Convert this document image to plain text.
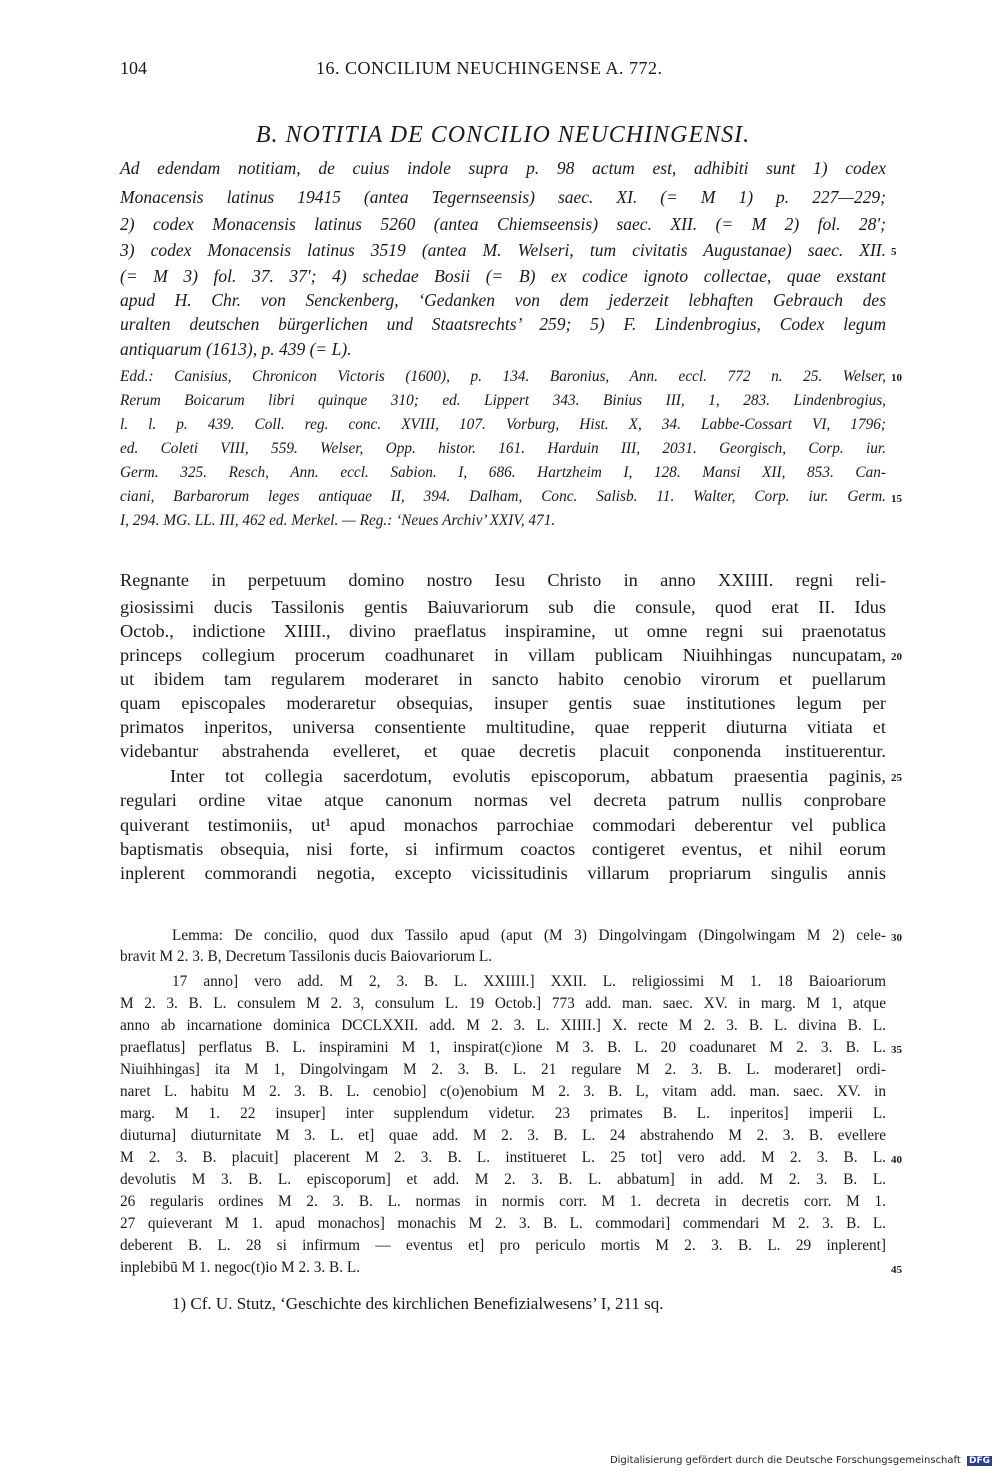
104	16. CONCILIUM NEUCHINGENSE A. 772.
B. NOTITIA DE CONCILIO NEUCHINGENSI.
Ad edendam notitiam, de cuius indole supra p. 98 actum est, adhibiti sunt 1) codex
Monacensis latinus 19415 (antea Tegernseensis) saec. XI. (= M 1) p. 227—229;
2) codex Monacensis latinus 5260 (antea Chiemseensis) saec. XII. (= M 2) fol. 28';
3) codex Monacensis latinus 3519 (antea M. Welseri, tum civitatis Augustanae) saec. XII.
(= M 3) fol. 37. 37'; 4) schedae Bosii (= B) ex codice ignoto collectae, quae exstant
apud H. Chr. von Senckenberg, ‘Gedanken von dem jederzeit lebhaften Gebrauch des
uralten deutschen bürgerlichen und Staatsrechts’ 259; 5) F. Lindenbrogius, Codex legum
antiquarum (1613), p. 439 (= L).
Edd.: Canisius, Chronicon Victoris (1600), p. 134. Baronius, Ann. eccl. 772 n. 25. Welser,
Rerum Boicarum libri quinque 310; ed. Lippert 343. Binius III, 1, 283. Lindenbrogius,
l. l. p. 439. Coll. reg. conc. XVIII, 107. Vorburg, Hist. X, 34. Labbe-Cossart VI, 1796;
ed. Coleti VIII, 559. Welser, Opp. histor. 161. Harduin III, 2031. Georgisch, Corp. iur.
Germ. 325. Resch, Ann. eccl. Sabion. I, 686. Hartzheim I, 128. Mansi XII, 853. Can-
ciani, Barbarorum leges antiquae II, 394. Dalham, Conc. Salisb. 11. Walter, Corp. iur. Germ.
I, 294. MG. LL. III, 462 ed. Merkel. — Reg.: ‘Neues Archiv’ XXIV, 471.
Regnante in perpetuum domino nostro Iesu Christo in anno XXIIII. regni reli-
giosissimi ducis Tassilonis gentis Baiuvariorum sub die consule, quod erat II. Idus
Octob., indictione XIIII., divino praeflatus inspiramine, ut omne regni sui praenotatus
princeps collegium procerum coadhunaret in villam publicam Niuihhingas nuncupatam,
ut ibidem tam regularem moderaret in sancto habito cenobio virorum et puellarum
quam episcopales moderaretur obsequias, insuper gentis suae institutiones legum per
primatos inperitos, universa consentiente multitudine, quae repperit diuturna vitiata et
videbantur abstrahenda evelleret, et quae decretis placuit conponenda instituerentur.
Inter tot collegia sacerdotum, evolutis episcoporum, abbatum praesentia paginis,
regulari ordine vitae atque canonum normas vel decreta patrum nullis conprobare
quiverant testimoniis, ut¹ apud monachos parrochiae commodari deberentur vel publica
baptismatis obsequia, nisi forte, si infirmum coactos contigeret eventus, et nihil eorum
inplerent commorandi negotia, excepto vicissitudinis villarum propriarum singulis annis
Lemma: De concilio, quod dux Tassilo apud (aput (M 3) Dingolvingam (Dingolwingam M 2) cele-
bravit M 2. 3. B, Decretum Tassilonis ducis Baiovariorum L.
17 anno] vero add. M 2, 3. B. L. XXIIII.] XXII. L. religiossimi M 1. 18 Baioariorum
M 2. 3. B. L. consulem M 2. 3, consulum L. 19 Octob.] 773 add. man. saec. XV. in marg. M 1, atque
anno ab incarnatione dominica DCCLXXII. add. M 2. 3. L. XIIII.] X. recte M 2. 3. B. L. divina B. L.
praeflatus] perflatus B. L. inspiramini M 1, inspirat(c)ione M 3. B. L. 20 coadunaret M 2. 3. B. L.
Niuihhingas] ita M 1, Dingolvingam M 2. 3. B. L. 21 regulare M 2. 3. B. L. moderaret] ordi-
naret L. habitu M 2. 3. B. L. cenobio] c(o)enobium M 2. 3. B. L, vitam add. man. saec. XV. in
marg. M 1. 22 insuper] inter supplendum videtur. 23 primates B. L. inperitos] imperii L.
diuturna] diuturnitate M 3. L. et] quae add. M 2. 3. B. L. 24 abstrahendo M 2. 3. B. evellere
M 2. 3. B. placuit] placerent M 2. 3. B. L. institueret L. 25 tot] vero add. M 2. 3. B. L.
devolutis M 3. B. L. episcoporum] et add. M 2. 3. B. L. abbatum] in add. M 2. 3. B. L.
26 regularis ordines M 2. 3. B. L. normas in normis corr. M 1. decreta in decretis corr. M 1.
27 quieverant M 1. apud monachos] monachis M 2. 3. B. L. commodari] commendari M 2. 3. B. L.
deberent B. L. 28 si infirmum — eventus et] pro periculo mortis M 2. 3. B. L. 29 inplerent]
inplebibū M 1. negoc(t)io M 2. 3. B. L.
5
10
15
20
25
30
35
40
45
1) Cf. U. Stutz, ‘Geschichte des kirchlichen Benefizialwesens’ I, 211 sq.
Digitalisierung gefördert durch die Deutsche Forschungsgemeinschaft DFG
